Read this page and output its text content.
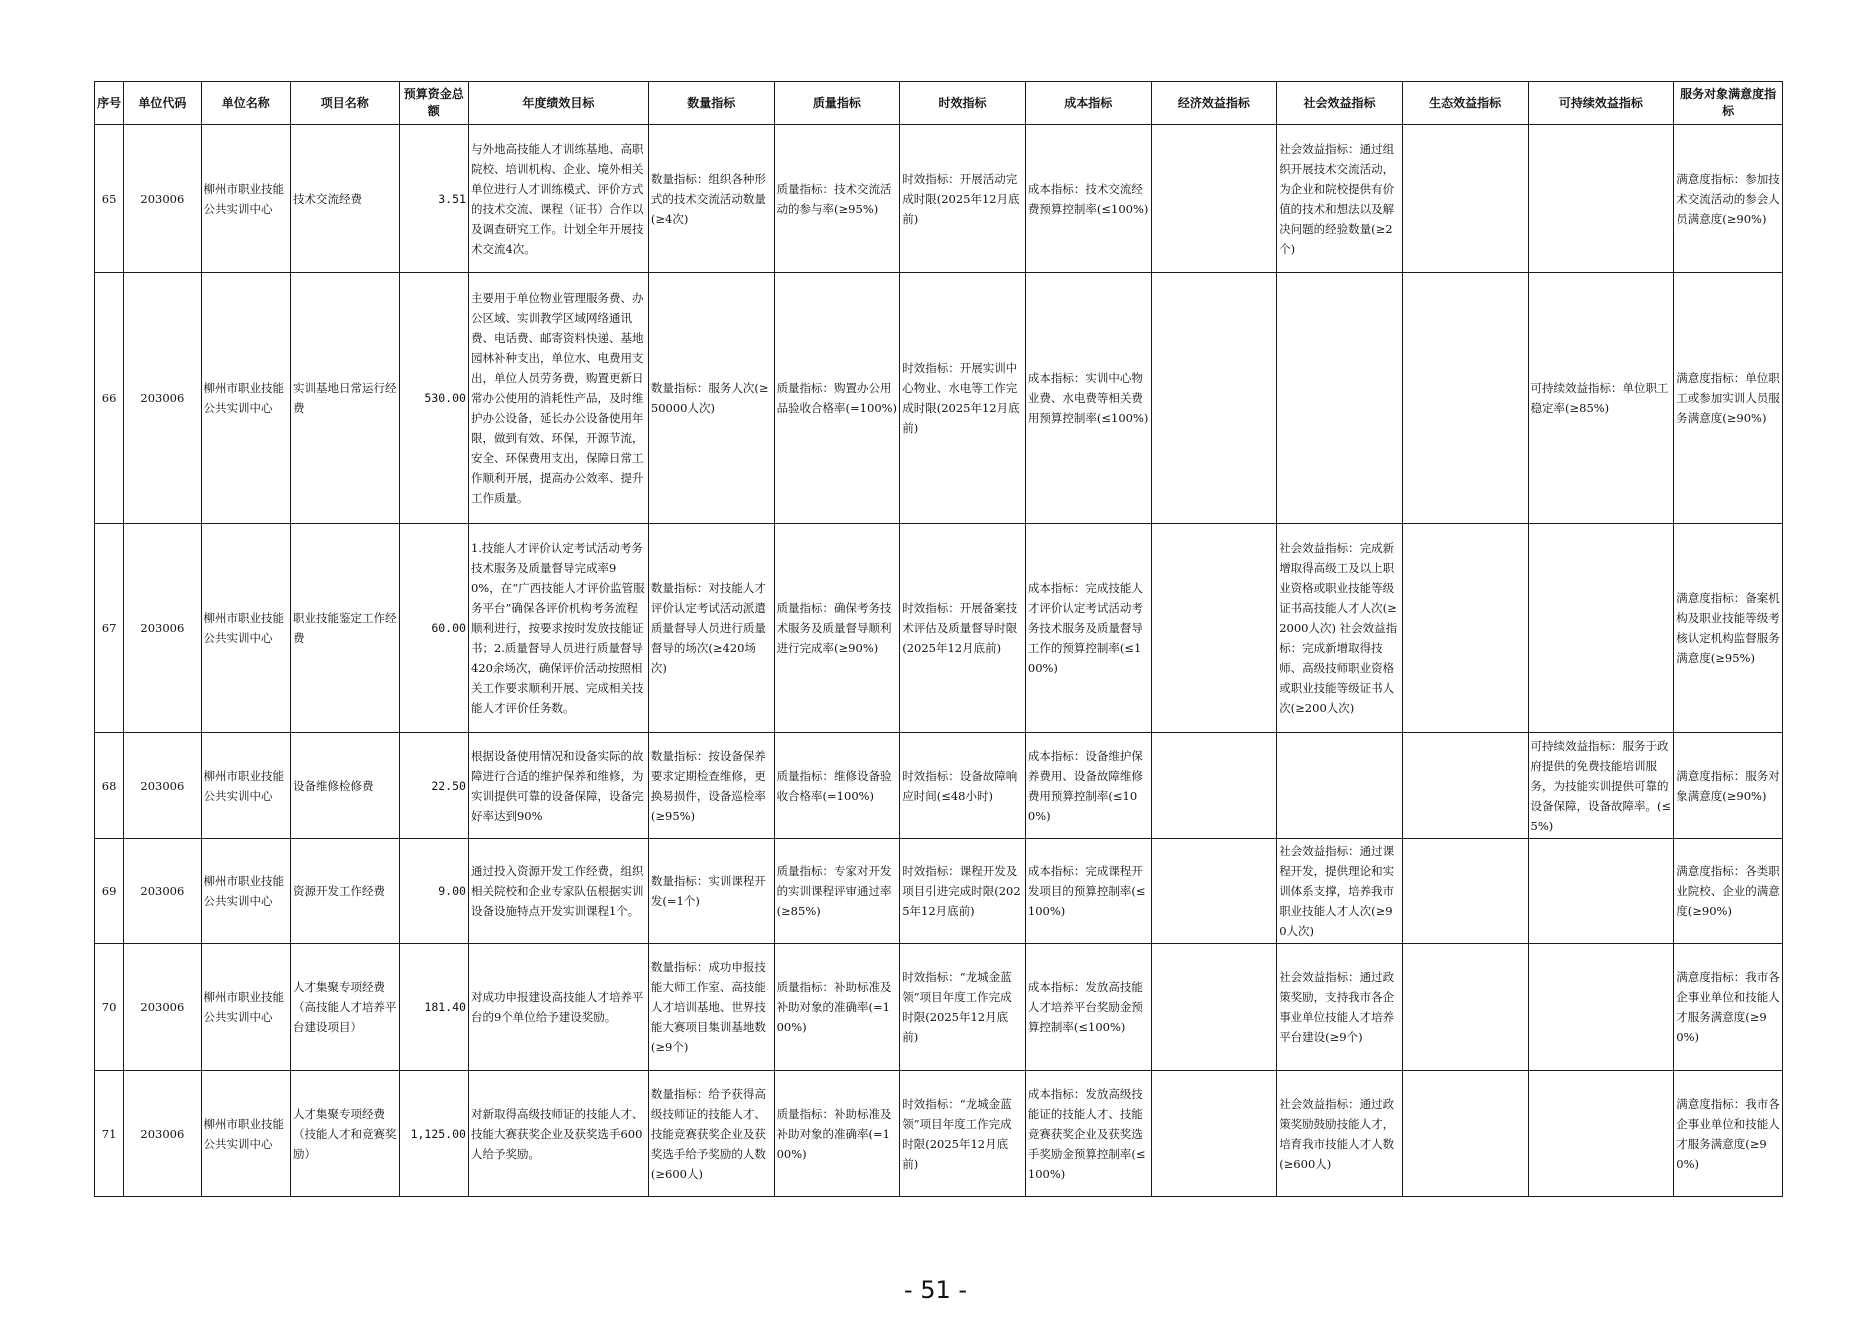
序号	单位代码	单位名称	项目名称	预算资金总额	年度绩效目标	数量指标	质量指标	时效指标	成本指标	经济效益指标	社会效益指标	生态效益指标	可持续效益指标	服务对象满意度指标
65	203006	柳州市职业技能公共实训中心	技术交流经费	3.51	与外地高技能人才训练基地、高职院校、培训机构、企业、境外相关单位进行人才训练模式、评价方式的技术交流、课程（证书）合作以及调查研究工作。计划全年开展技术交流4次。	数量指标：组织各种形式的技术交流活动数量(≥4次)	质量指标：技术交流活动的参与率(≥95%)	时效指标：开展活动完成时限(2025年12月底前)	成本指标：技术交流经费预算控制率(≤100%)		社会效益指标：通过组织开展技术交流活动，为企业和院校提供有价值的技术和想法以及解决问题的经验数量(≥2个)			满意度指标：参加技术交流活动的参会人员满意度(≥90%)
66	203006	柳州市职业技能公共实训中心	实训基地日常运行经费	530.00	主要用于单位物业管理服务费、办公区域、实训教学区域网络通讯费、电话费、邮寄资料快递、基地园林补种支出，单位水、电费用支出，单位人员劳务费，购置更新日常办公使用的消耗性产品，及时维护办公设备，延长办公设备使用年限，做到有效、环保，开源节流，安全、环保费用支出，保障日常工作顺利开展，提高办公效率、提升工作质量。	数量指标：服务人次(≥50000人次)	质量指标：购置办公用品验收合格率(=100%)	时效指标：开展实训中心物业、水电等工作完成时限(2025年12月底前)	成本指标：实训中心物业费、水电费等相关费用预算控制率(≤100%)				可持续效益指标：单位职工稳定率(≥85%)	满意度指标：单位职工或参加实训人员服务满意度(≥90%)
67	203006	柳州市职业技能公共实训中心	职业技能鉴定工作经费	60.00	1.技能人才评价认定考试活动考务技术服务及质量督导完成率90%，在“广西技能人才评价监管服务平台”确保各评价机构考务流程顺利进行，按要求按时发放技能证书；2.质量督导人员进行质量督导420余场次，确保评价活动按照相关工作要求顺利开展、完成相关技能人才评价任务数。	数量指标：对技能人才评价认定考试活动派遣质量督导人员进行质量督导的场次(≥420场次)	质量指标：确保考务技术服务及质量督导顺利进行完成率(≥90%)	时效指标：开展备案技术评估及质量督导时限(2025年12月底前)	成本指标：完成技能人才评价认定考试活动考务技术服务及质量督导工作的预算控制率(≤100%)		社会效益指标：完成新增取得高级工及以上职业资格或职业技能等级证书高技能人才人次(≥2000人次) 社会效益指标：完成新增取得技师、高级技师职业资格或职业技能等级证书人次(≥200人次)			满意度指标：备案机构及职业技能等级考核认定机构监督服务满意度(≥95%)
68	203006	柳州市职业技能公共实训中心	设备维修检修费	22.50	根据设备使用情况和设备实际的故障进行合适的维护保养和维修，为实训提供可靠的设备保障，设备完好率达到90%	数量指标：按设备保养要求定期检查维修，更换易损件，设备巡检率(≥95%)	质量指标：维修设备验收合格率(=100%)	时效指标：设备故障响应时间(≤48小时)	成本指标：设备维护保养费用、设备故障维修费用预算控制率(≤100%)				可持续效益指标：服务于政府提供的免费技能培训服务，为技能实训提供可靠的设备保障，设备故障率。(≤5%)	满意度指标：服务对象满意度(≥90%)
69	203006	柳州市职业技能公共实训中心	资源开发工作经费	9.00	通过投入资源开发工作经费，组织相关院校和企业专家队伍根据实训设备设施特点开发实训课程1个。	数量指标：实训课程开发(=1个)	质量指标：专家对开发的实训课程评审通过率(≥85%)	时效指标：课程开发及项目引进完成时限(2025年12月底前)	成本指标：完成课程开发项目的预算控制率(≤100%)		社会效益指标：通过课程开发，提供理论和实训体系支撑，培养我市职业技能人才人次(≥90人次)			满意度指标：各类职业院校、企业的满意度(≥90%)
70	203006	柳州市职业技能公共实训中心	人才集聚专项经费（高技能人才培养平台建设项目）	181.40	对成功申报建设高技能人才培养平台的9个单位给予建设奖励。	数量指标：成功申报技能大师工作室、高技能人才培训基地、世界技能大赛项目集训基地数(≥9个)	质量指标：补助标准及补助对象的准确率(=100%)	时效指标：“龙城金蓝领”项目年度工作完成时限(2025年12月底前)	成本指标：发放高技能人才培养平台奖励金预算控制率(≤100%)		社会效益指标：通过政策奖励，支持我市各企事业单位技能人才培养平台建设(≥9个)			满意度指标：我市各企事业单位和技能人才服务满意度(≥90%)
71	203006	柳州市职业技能公共实训中心	人才集聚专项经费（技能人才和竞赛奖励）	1,125.00	对新取得高级技师证的技能人才、技能大赛获奖企业及获奖选手600人给予奖励。	数量指标：给予获得高级技师证的技能人才、技能竞赛获奖企业及获奖选手给予奖励的人数(≥600人)	质量指标：补助标准及补助对象的准确率(=100%)	时效指标：“龙城金蓝领”项目年度工作完成时限(2025年12月底前)	成本指标：发放高级技能证的技能人才、技能竞赛获奖企业及获奖选手奖励金预算控制率(≤100%)		社会效益指标：通过政策奖励鼓励技能人才，培育我市技能人才人数(≥600人)			满意度指标：我市各企事业单位和技能人才服务满意度(≥90%)
- 51 -
